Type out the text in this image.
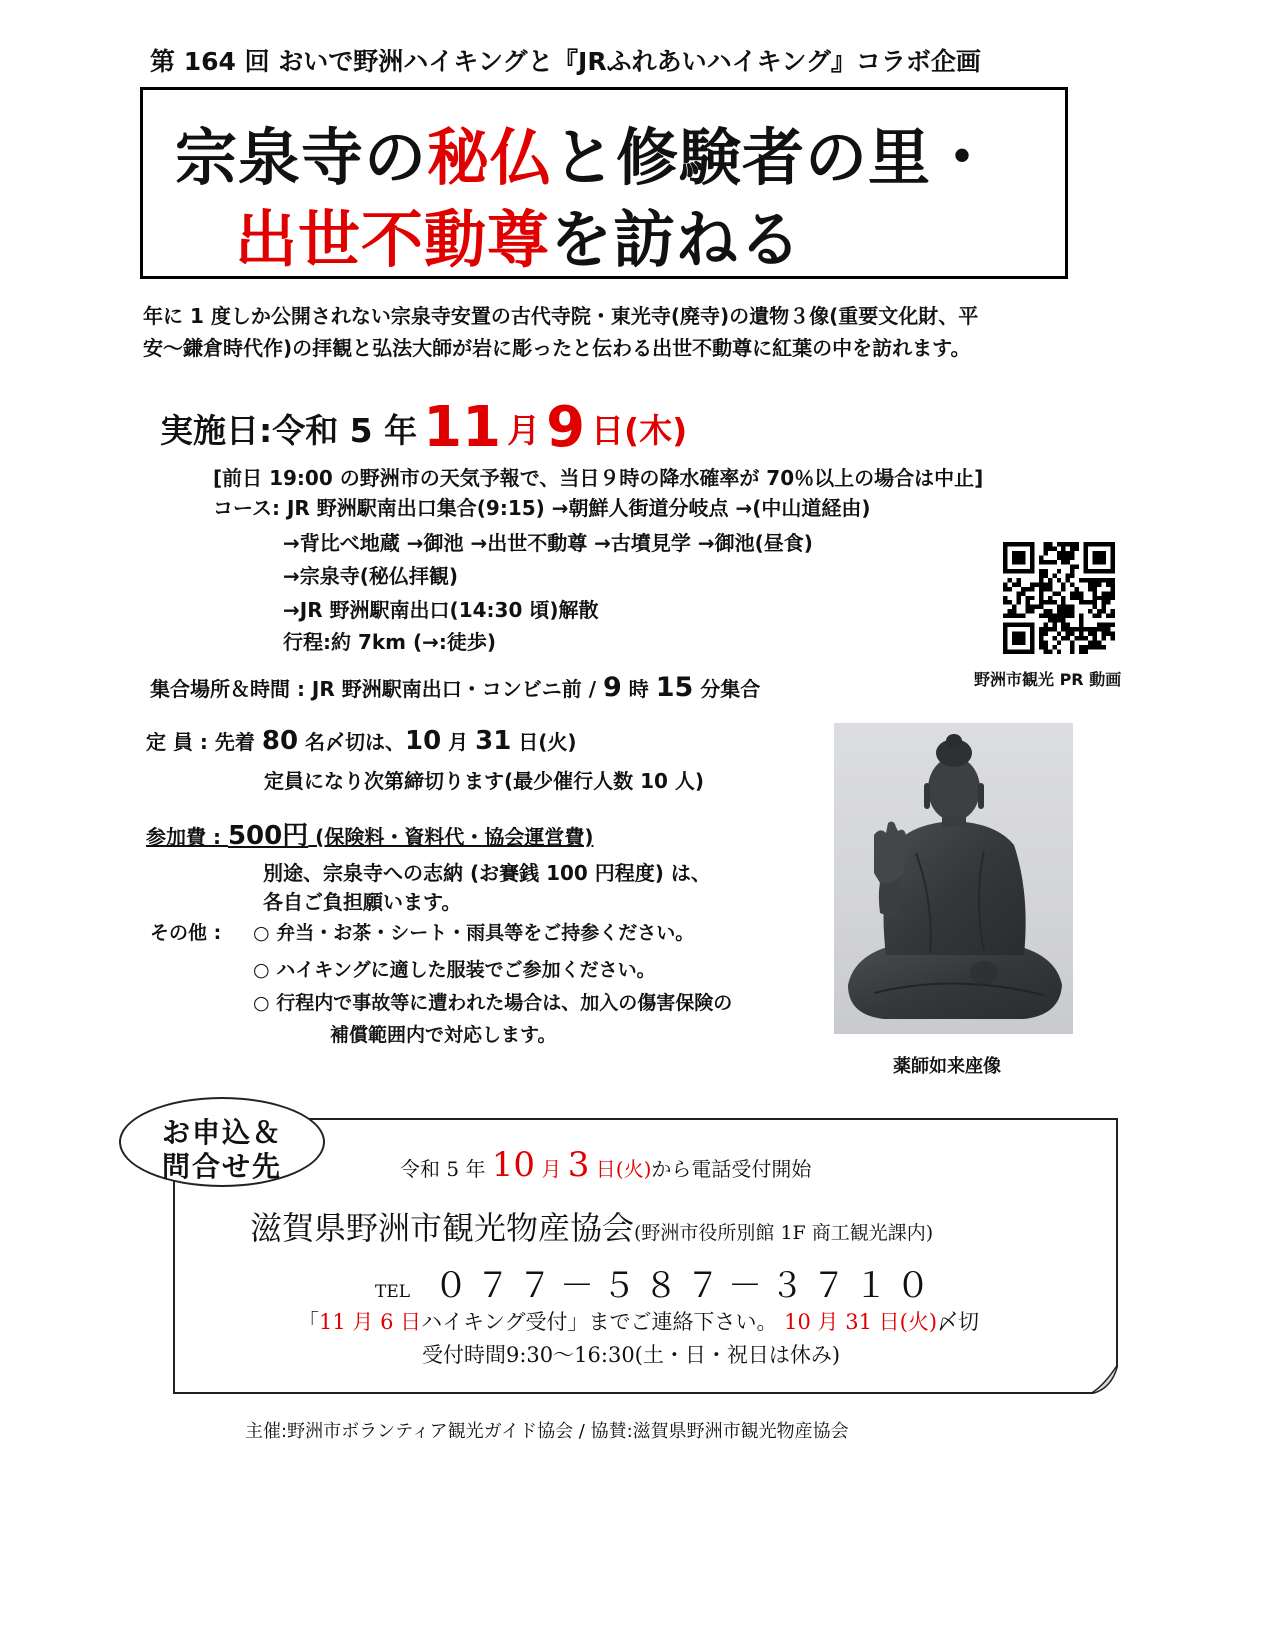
第 164 回 おいで野洲ハイキングと『JRふれあいハイキング』コラボ企画
宗泉寺の秘仏と修験者の里・
出世不動尊を訪ねる
年に 1 度しか公開されない宗泉寺安置の古代寺院・東光寺(廃寺)の遺物３像(重要文化財、平
安～鎌倉時代作)の拝観と弘法大師が岩に彫ったと伝わる出世不動尊に紅葉の中を訪れます。
実施日:令和 5 年 11 月 9 日(木)
[前日 19:00 の野洲市の天気予報で、当日９時の降水確率が 70％以上の場合は中止]
コース: JR 野洲駅南出口集合(9:15) →朝鮮人街道分岐点 →(中山道経由)
→背比べ地蔵 →御池 →出世不動尊 →古墳見学 →御池(昼食)
→宗泉寺(秘仏拝観)
→JR 野洲駅南出口(14:30 頃)解散
行程:約 7km (→:徒歩)
野洲市観光 PR 動画
集合場所＆時間 : JR 野洲駅南出口・コンビニ前 / 9 時 15 分集合
定 員 : 先着 80 名〆切は、10 月 31 日(火)
定員になり次第締切ります(最少催行人数 10 人)
参加費 : 500円 (保険料・資料代・協会運営費)
別途、宗泉寺への志納 (お賽銭 100 円程度) は、
各自ご負担願います。
その他 : ○ 弁当・お茶・シート・雨具等をご持参ください。
○ ハイキングに適した服装でご参加ください。
○ 行程内で事故等に遭われた場合は、加入の傷害保険の
補償範囲内で対応します。
薬師如来座像
お申込＆
問合せ先	令和 5 年 10 月 3 日(火)から電話受付開始
滋賀県野洲市観光物産協会(野洲市役所別館 1F 商工観光課内)
TEL ０７７－５８７－３７１０
「11 月 6 日ハイキング受付」までご連絡下さい。 10 月 31 日(火)〆切
受付時間9:30～16:30(土・日・祝日は休み)
主催:野洲市ボランティア観光ガイド協会 / 協賛:滋賀県野洲市観光物産協会
